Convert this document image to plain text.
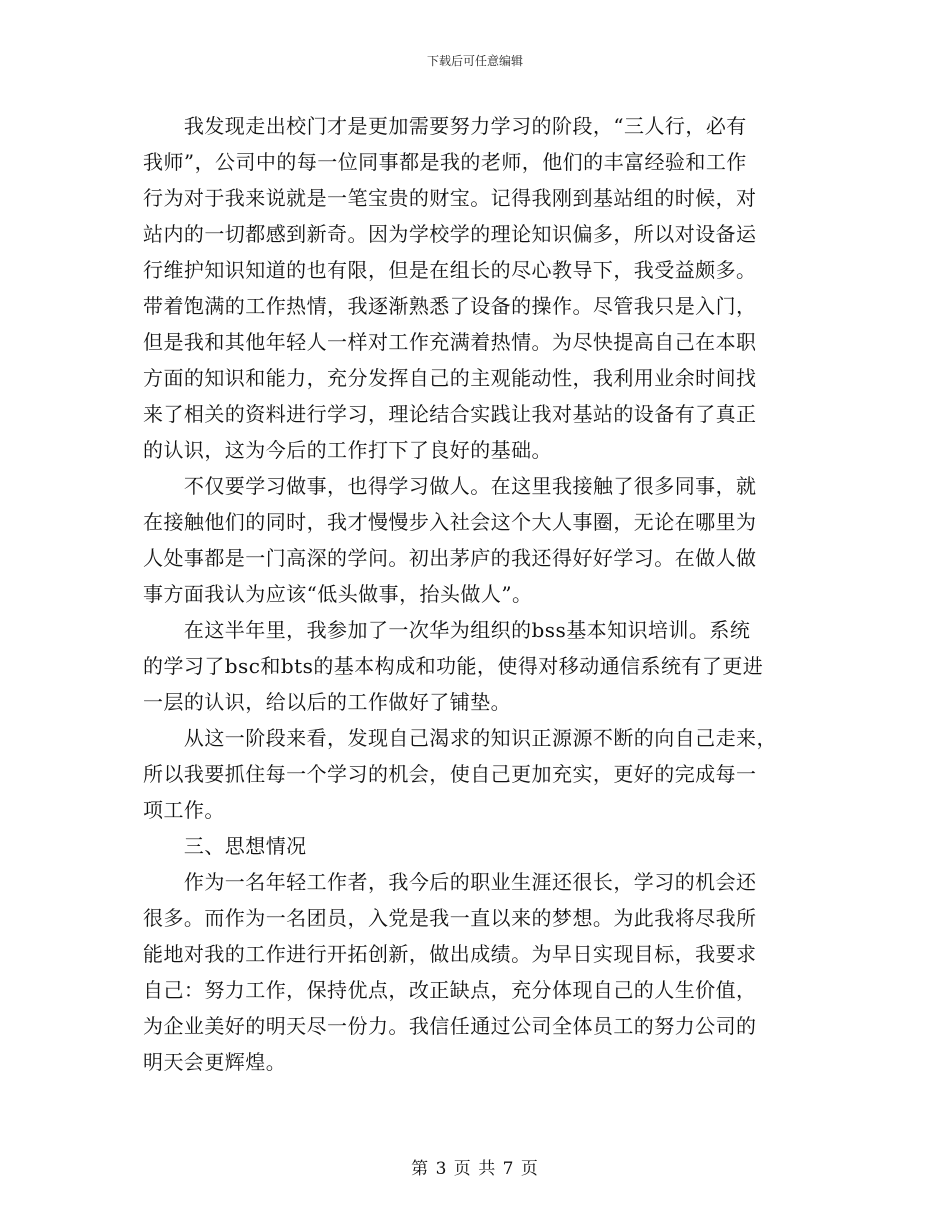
下载后可任意编辑
　　我发现走出校门才是更加需要努力学习的阶段，“三人行，必有
我师”，公司中的每一位同事都是我的老师，他们的丰富经验和工作
行为对于我来说就是一笔宝贵的财宝。记得我刚到基站组的时候，对
站内的一切都感到新奇。因为学校学的理论知识偏多，所以对设备运
行维护知识知道的也有限，但是在组长的尽心教导下，我受益颇多。
带着饱满的工作热情，我逐渐熟悉了设备的操作。尽管我只是入门，
但是我和其他年轻人一样对工作充满着热情。为尽快提高自己在本职
方面的知识和能力，充分发挥自己的主观能动性，我利用业余时间找
来了相关的资料进行学习，理论结合实践让我对基站的设备有了真正
的认识，这为今后的工作打下了良好的基础。
　　不仅要学习做事，也得学习做人。在这里我接触了很多同事，就
在接触他们的同时，我才慢慢步入社会这个大人事圈，无论在哪里为
人处事都是一门高深的学问。初出茅庐的我还得好好学习。在做人做
事方面我认为应该“低头做事，抬头做人”。
　　在这半年里，我参加了一次华为组织的bss基本知识培训。系统
的学习了bsc和bts的基本构成和功能，使得对移动通信系统有了更进
一层的认识，给以后的工作做好了铺垫。
　　从这一阶段来看，发现自己渴求的知识正源源不断的向自己走来，
所以我要抓住每一个学习的机会，使自己更加充实，更好的完成每一
项工作。
　　三、思想情况
　　作为一名年轻工作者，我今后的职业生涯还很长，学习的机会还
很多。而作为一名团员，入党是我一直以来的梦想。为此我将尽我所
能地对我的工作进行开拓创新，做出成绩。为早日实现目标，我要求
自己：努力工作，保持优点，改正缺点，充分体现自己的人生价值，
为企业美好的明天尽一份力。我信任通过公司全体员工的努力公司的
明天会更辉煌。
第 3 页 共 7 页
